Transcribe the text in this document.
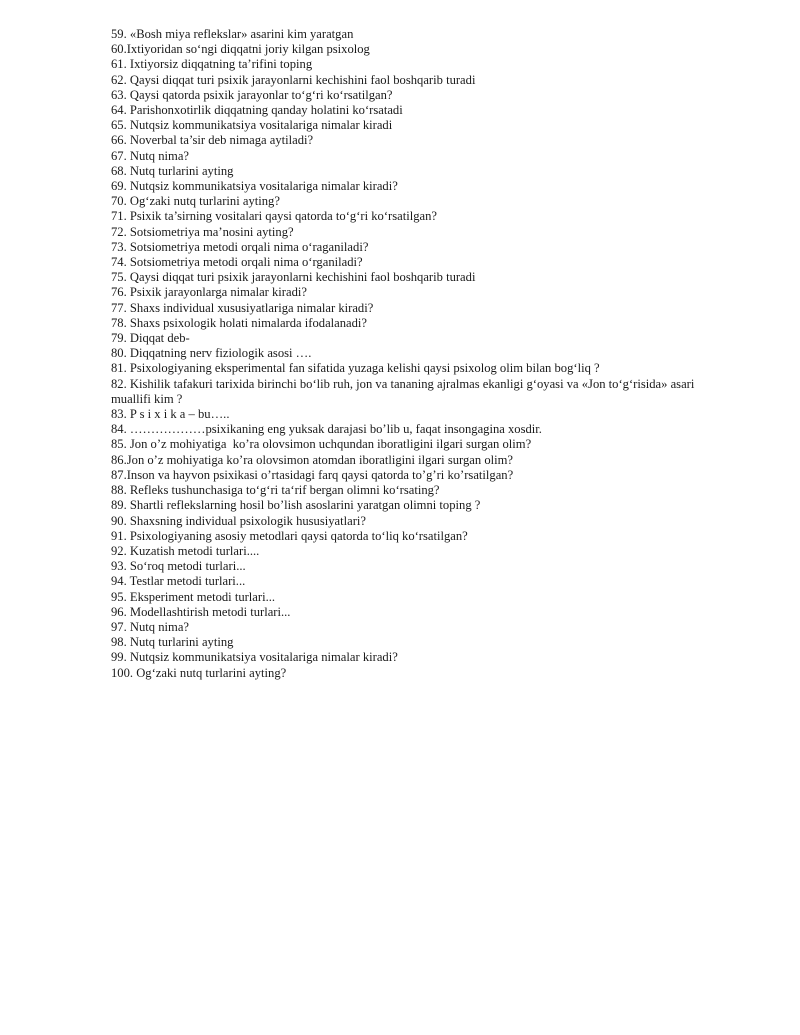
59. «Bosh miya reflekslar» asarini kim yaratgan
60.Ixtiyoridan so‘ngi diqqatni joriy kilgan psixolog
61. Ixtiyorsiz diqqatning ta’rifini toping
62. Qaysi diqqat turi psixik jarayonlarni kechishini faol boshqarib turadi
63. Qaysi qatorda psixik jarayonlar to‘g‘ri ko‘rsatilgan?
64. Parishonxotirlik diqqatning qanday holatini ko‘rsatadi
65. Nutqsiz kommunikatsiya vositalariga nimalar kiradi
66. Noverbal ta’sir deb nimaga aytiladi?
67. Nutq nima?
68. Nutq turlarini ayting
69. Nutqsiz kommunikatsiya vositalariga nimalar kiradi?
70. Og‘zaki nutq turlarini ayting?
71. Psixik ta’sirning vositalari qaysi qatorda to‘g‘ri ko‘rsatilgan?
72. Sotsiometriya ma’nosini ayting?
73. Sotsiometriya metodi orqali nima o‘raganiladi?
74. Sotsiometriya metodi orqali nima o‘rganiladi?
75. Qaysi diqqat turi psixik jarayonlarni kechishini faol boshqarib turadi
76. Psixik jarayonlarga nimalar kiradi?
77. Shaxs individual xususiyatlariga nimalar kiradi?
78. Shaxs psixologik holati nimalarda ifodalanadi?
79. Diqqat deb-
80. Diqqatning nerv fiziologik asosi ….
81. Psixologiyaning eksperimental fan sifatida yuzaga kelishi qaysi psixolog olim bilan bog‘liq ?
82. Kishilik tafakuri tarixida birinchi bo‘lib ruh, jon va tananing ajralmas ekanligi g‘oyasi va «Jon to‘g‘risida» asari muallifi kim ?
83. P s i x i k a – bu…..
84. ………………psixikaning eng yuksak darajasi bo’lib u, faqat insongagina xosdir.
85. Jon o’z mohiyatiga  ko’ra olovsimon uchqundan iboratligini ilgari surgan olim?
86.Jon o’z mohiyatiga ko’ra olovsimon atomdan iboratligini ilgari surgan olim?
87.Inson va hayvon psixikasi o’rtasidagi farq qaysi qatorda to’g’ri ko’rsatilgan?
88. Refleks tushunchasiga to‘g‘ri ta‘rif bergan olimni ko‘rsating?
89. Shartli reflekslarning hosil bo’lish asoslarini yaratgan olimni toping ?
90. Shaxsning individual psixologik hususiyatlari?
91. Psixologiyaning asosiy metodlari qaysi qatorda to‘liq ko‘rsatilgan?
92. Kuzatish metodi turlari....
93. So‘roq metodi turlari...
94. Testlar metodi turlari...
95. Eksperiment metodi turlari...
96. Modellashtirish metodi turlari...
97. Nutq nima?
98. Nutq turlarini ayting
99. Nutqsiz kommunikatsiya vositalariga nimalar kiradi?
100. Og‘zaki nutq turlarini ayting?
